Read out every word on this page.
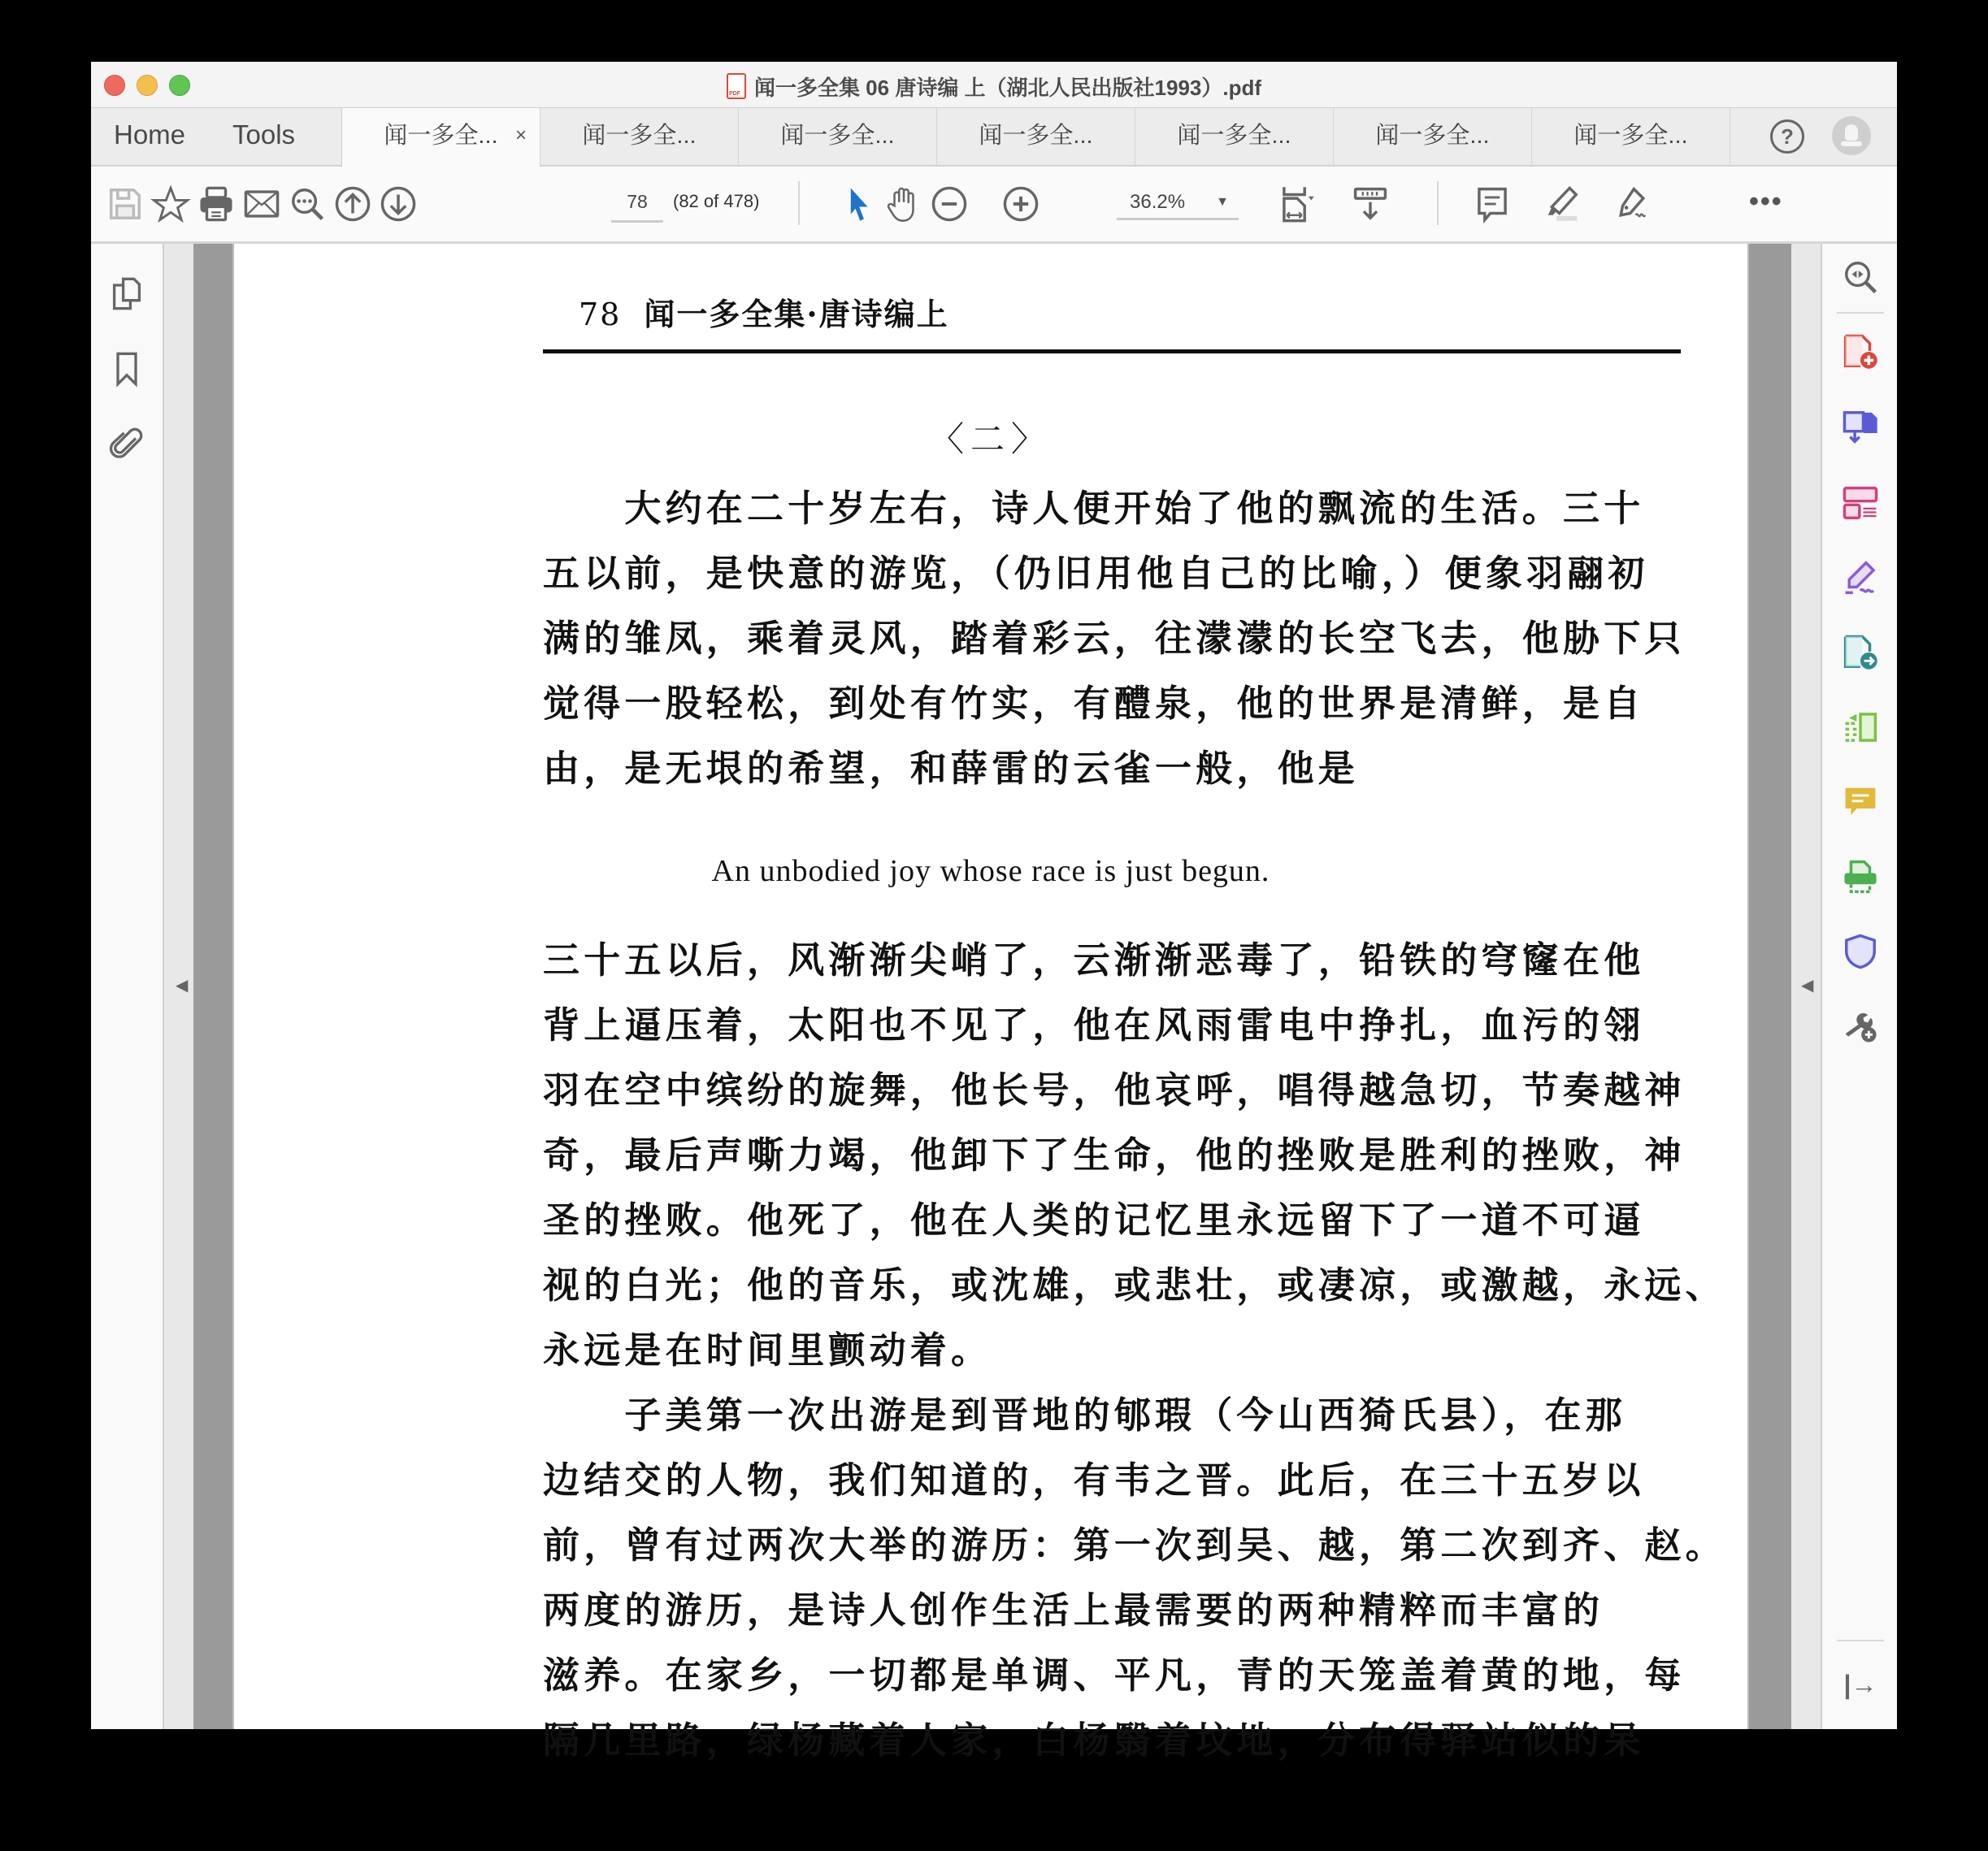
PDF闻一多全集 06 唐诗编 上（湖北人民出版社1993）.pdf
Home Tools	闻一多全... ×	闻一多全...	闻一多全...	闻一多全...	闻一多全...	闻一多全...	闻一多全...	?
78	(82 of 478)	36.2% ▼	•••
◀
78 闻一多全集·唐诗编上
〈二〉
　　大约在二十岁左右，诗人便开始了他的飘流的生活。三十
五以前，是快意的游览，（仍旧用他自己的比喻，）便象羽翮初
满的雏凤，乘着灵风，踏着彩云，往濛濛的长空飞去，他胁下只
觉得一股轻松，到处有竹实，有醴泉，他的世界是清鲜，是自
由，是无垠的希望，和薛雷的云雀一般，他是
An unbodied joy whose race is just begun.
三十五以后，风渐渐尖峭了，云渐渐恶毒了，铅铁的穹窿在他
背上逼压着，太阳也不见了，他在风雨雷电中挣扎，血污的翎
羽在空中缤纷的旋舞，他长号，他哀呼，唱得越急切，节奏越神
奇，最后声嘶力竭，他卸下了生命，他的挫败是胜利的挫败，神
圣的挫败。他死了，他在人类的记忆里永远留下了一道不可逼
视的白光；他的音乐，或沈雄，或悲壮，或凄凉，或激越，永远、
永远是在时间里颤动着。
　　子美第一次出游是到晋地的郇瑕（今山西猗氏县），在那
边结交的人物，我们知道的，有韦之晋。此后，在三十五岁以
前，曾有过两次大举的游历：第一次到吴、越，第二次到齐、赵。
两度的游历，是诗人创作生活上最需要的两种精粹而丰富的
滋养。在家乡，一切都是单调、平凡，青的天笼盖着黄的地，每
隔几里路，绿杨藏着人家，白杨翳着坟地，分布得驿站似的呆
◀
|→
